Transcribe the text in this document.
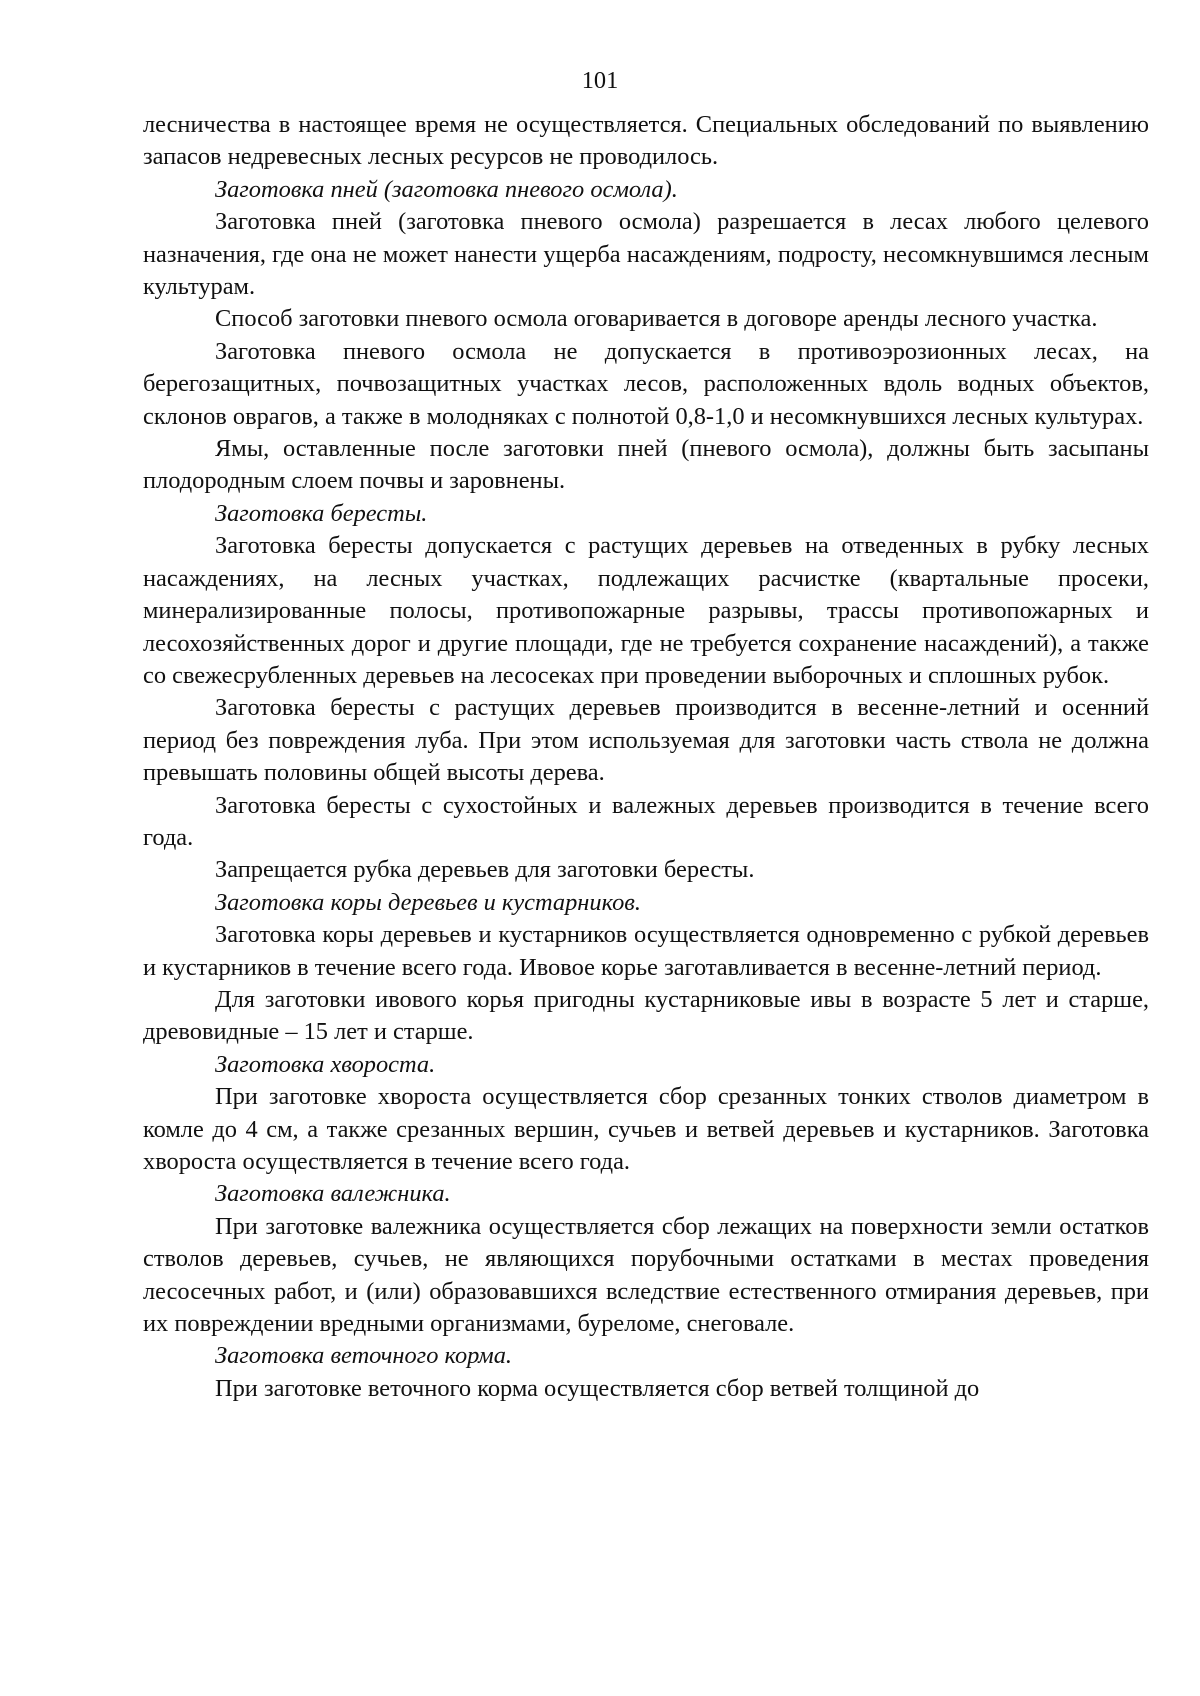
101

лесничества в настоящее время не осуществляется. Специальных обследований по выявлению запасов недревесных лесных ресурсов не проводилось.

Заготовка пней (заготовка пневого осмола).

Заготовка пней (заготовка пневого осмола) разрешается в лесах любого целевого назначения, где она не может нанести ущерба насаждениям, подросту, несомкнувшимся лесным культурам.

Способ заготовки пневого осмола оговаривается в договоре аренды лесного участка.

Заготовка пневого осмола не допускается в противоэрозионных лесах, на берегозащитных, почвозащитных участках лесов, расположенных вдоль водных объектов, склонов оврагов, а также в молодняках с полнотой 0,8-1,0 и несомкнувшихся лесных культурах.

Ямы, оставленные после заготовки пней (пневого осмола), должны быть засыпаны плодородным слоем почвы и заровнены.

Заготовка бересты.

Заготовка бересты допускается с растущих деревьев на отведенных в рубку лесных насаждениях, на лесных участках, подлежащих расчистке (квартальные просеки, минерализированные полосы, противопожарные разрывы, трассы противопожарных и лесохозяйственных дорог и другие площади, где не требуется сохранение насаждений), а также со свежесрубленных деревьев на лесосеках при проведении выборочных и сплошных рубок.

Заготовка бересты с растущих деревьев производится в весенне-летний и осенний период без повреждения луба. При этом используемая для заготовки часть ствола не должна превышать половины общей высоты дерева.

Заготовка бересты с сухостойных и валежных деревьев производится в течение всего года.

Запрещается рубка деревьев для заготовки бересты.

Заготовка коры деревьев и кустарников.

Заготовка коры деревьев и кустарников осуществляется одновременно с рубкой деревьев и кустарников в течение всего года. Ивовое корье заготавливается в весенне-летний период.

Для заготовки ивового корья пригодны кустарниковые ивы в возрасте 5 лет и старше, древовидные – 15 лет и старше.

Заготовка хвороста.

При заготовке хвороста осуществляется сбор срезанных тонких стволов диаметром в комле до 4 см, а также срезанных вершин, сучьев и ветвей деревьев и кустарников. Заготовка хвороста осуществляется в течение всего года.

Заготовка валежника.

При заготовке валежника осуществляется сбор лежащих на поверхности земли остатков стволов деревьев, сучьев, не являющихся порубочными остатками в местах проведения лесосечных работ, и (или) образовавшихся вследствие естественного отмирания деревьев, при их повреждении вредными организмами, буреломе, снеговале.

Заготовка веточного корма.

При заготовке веточного корма осуществляется сбор ветвей толщиной до
